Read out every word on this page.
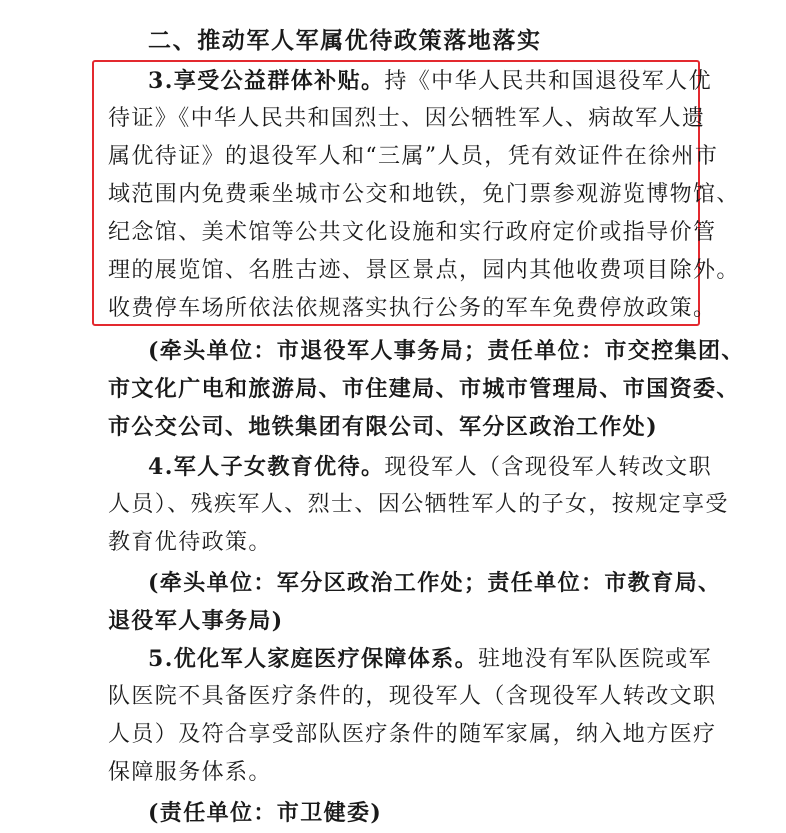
二、推动军人军属优待政策落地落实
3.享受公益群体补贴。持《中华人民共和国退役军人优
待证》《中华人民共和国烈士、因公牺牲军人、病故军人遗
属优待证》的退役军人和“三属”人员，凭有效证件在徐州市
域范围内免费乘坐城市公交和地铁，免门票参观游览博物馆、
纪念馆、美术馆等公共文化设施和实行政府定价或指导价管
理的展览馆、名胜古迹、景区景点，园内其他收费项目除外。
收费停车场所依法依规落实执行公务的军车免费停放政策。
(牵头单位：市退役军人事务局；责任单位：市交控集团、
市文化广电和旅游局、市住建局、市城市管理局、市国资委、
市公交公司、地铁集团有限公司、军分区政治工作处)
4.军人子女教育优待。现役军人（含现役军人转改文职
人员）、残疾军人、烈士、因公牺牲军人的子女，按规定享受
教育优待政策。
(牵头单位：军分区政治工作处；责任单位：市教育局、
退役军人事务局)
5.优化军人家庭医疗保障体系。驻地没有军队医院或军
队医院不具备医疗条件的，现役军人（含现役军人转改文职
人员）及符合享受部队医疗条件的随军家属，纳入地方医疗
保障服务体系。
(责任单位：市卫健委)
